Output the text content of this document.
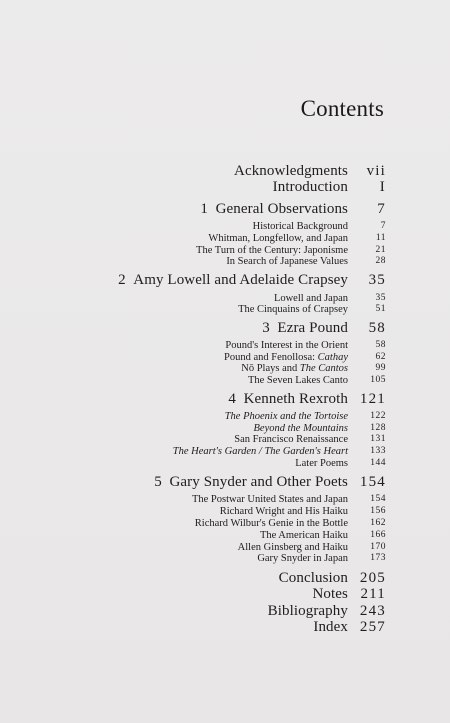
Contents
Acknowledgments vii
Introduction I
1 General Observations 7
Historical Background	7
Whitman, Longfellow, and Japan	11
The Turn of the Century: Japonisme	21
In Search of Japanese Values	28
2 Amy Lowell and Adelaide Crapsey 35
Lowell and Japan	35
The Cinquains of Crapsey	51
3 Ezra Pound 58
Pound's Interest in the Orient	58
Pound and Fenollosa: Cathay	62
Nō Plays and The Cantos	99
The Seven Lakes Canto 105
4 Kenneth Rexroth 121
The Phoenix and the Tortoise 122
Beyond the Mountains 128
San Francisco Renaissance 131
The Heart's Garden / The Garden's Heart 133
Later Poems 144
5 Gary Snyder and Other Poets 154
The Postwar United States and Japan 154
Richard Wright and His Haiku 156
Richard Wilbur's Genie in the Bottle 162
The American Haiku 166
Allen Ginsberg and Haiku 170
Gary Snyder in Japan 173
Conclusion 205
Notes 211
Bibliography 243
Index 257
